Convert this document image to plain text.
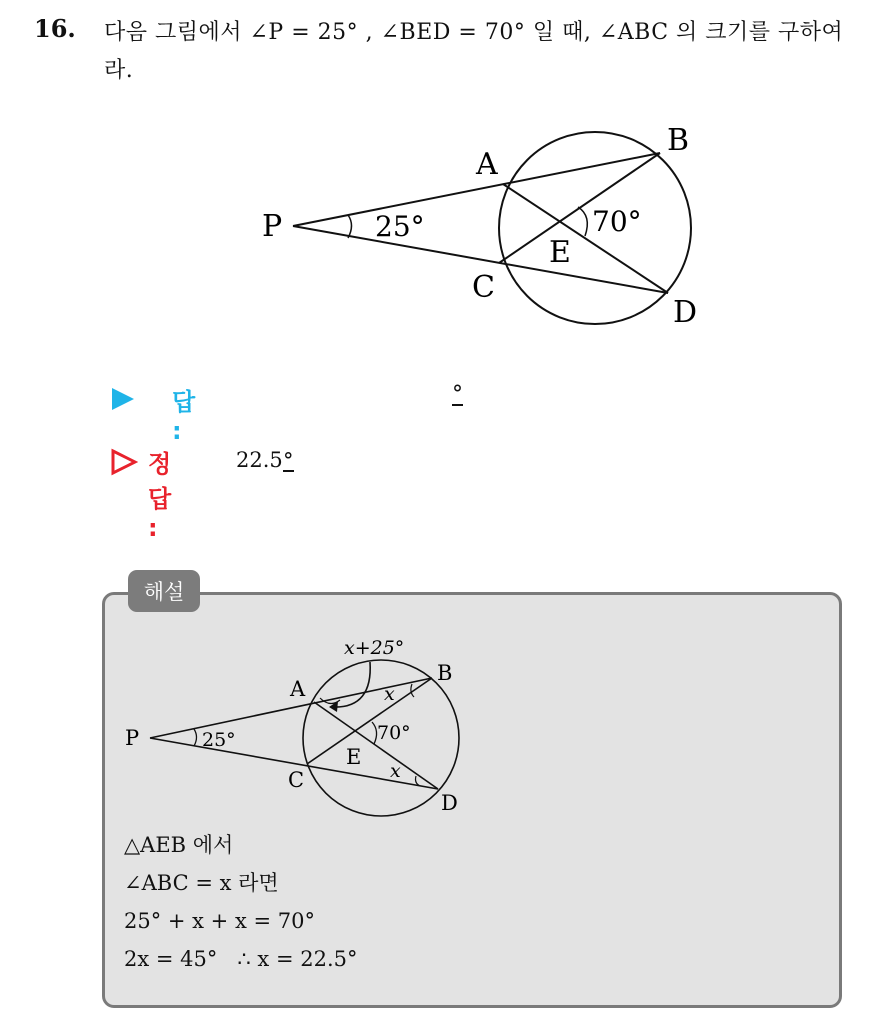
16. 다음 그림에서 ∠P = 25° , ∠BED = 70° 일 때, ∠ABC 의 크기를 구하여라.
P
A
B
C
D
E
25°	70°
답 :
°
정답 :
22.5 °
해설
x+25°
P
A
B
C
D
E
25°	70°
x
x
△AEB 에서
∠ABC = x 라면
25° + x + x = 70°
2x = 45°   ∴ x = 22.5°
